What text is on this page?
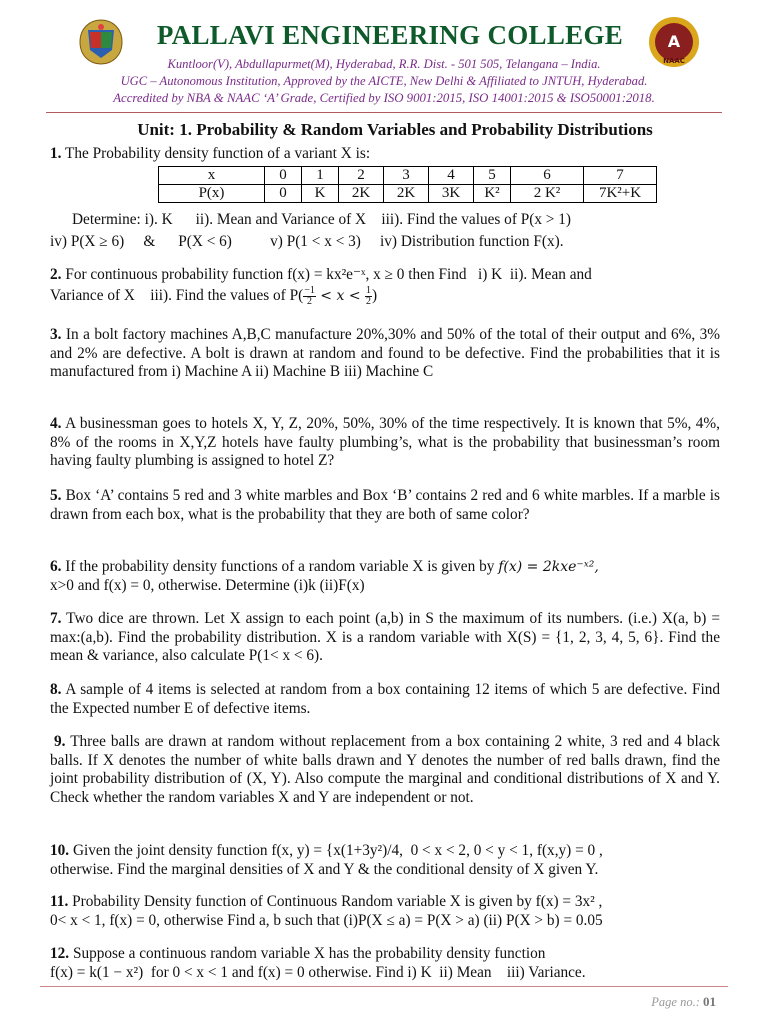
PALLAVI ENGINEERING COLLEGE	A
NAAC
Kuntloor(V), Abdullapurmet(M), Hyderabad, R.R. Dist. - 501 505, Telangana – India.
UGC – Autonomous Institution, Approved by the AICTE, New Delhi & Affiliated to JNTUH, Hyderabad.
Accredited by NBA & NAAC ‘A’ Grade, Certified by ISO 9001:2015, ISO 14001:2015 & ISO50001:2018.
Unit: 1. Probability & Random Variables and Probability Distributions
1. The Probability density function of a variant X is:
x	0	1	2	3	4	5	6	7
P(x)	0	K	2K	2K	3K	K²	2 K²	7K²+K
Determine: i). K      ii). Mean and Variance of X    iii). Find the values of P(x > 1)
iv) P(X ≥ 6)     &      P(X < 6)          v) P(1 < x < 3)     iv) Distribution function F(x).
2. For continuous probability function f(x) = kx²e⁻ˣ, x ≥ 0 then Find   i) K  ii). Mean and
Variance of X    iii). Find the values of $P( \frac{-1}{2} < x < \frac{1}{2}$ )
3. In a bolt factory machines A,B,C manufacture 20%,30% and 50% of the total of their output and 6%, 3% and 2% are defective. A bolt is drawn at random and found to be defective. Find the probabilities that it is manufactured from i) Machine A ii) Machine B iii) Machine C
4. A businessman goes to hotels X, Y, Z, 20%, 50%, 30% of the time respectively. It is known that 5%, 4%, 8% of the rooms in X,Y,Z hotels have faulty plumbing’s, what is the probability that businessman’s room having faulty plumbing is assigned to hotel Z?
5. Box ‘A’ contains 5 red and 3 white marbles and Box ‘B’ contains 2 red and 6 white marbles. If a marble is drawn from each box, what is the probability that they are both of same color?
6. If the probability density functions of a random variable X is given by f(x) = 2kxe⁻ˣ²,
x>0 and f(x) = 0, otherwise. Determine (i)k (ii)F(x)
7. Two dice are thrown. Let X assign to each point (a,b) in S the maximum of its numbers. (i.e.) X(a, b) = max:(a,b). Find the probability distribution. X is a random variable with X(S) = {1, 2, 3, 4, 5, 6}. Find the mean & variance, also calculate P(1< x < 6).
8. A sample of 4 items is selected at random from a box containing 12 items of which 5 are defective. Find the Expected number E of defective items.
9. Three balls are drawn at random without replacement from a box containing 2 white, 3 red and 4 black balls. If X denotes the number of white balls drawn and Y denotes the number of red balls drawn, find the joint probability distribution of (X, Y). Also compute the marginal and conditional distributions of X and Y. Check whether the random variables X and Y are independent or not.
10. Given the joint density function f(x, y) = {x(1+3y²)/4,  0 < x < 2, 0 < y < 1, f(x,y) = 0 ,
otherwise. Find the marginal densities of X and Y & the conditional density of X given Y.
11. Probability Density function of Continuous Random variable X is given by f(x) = 3x² ,
0< x < 1, f(x) = 0, otherwise Find a, b such that (i)P(X ≤ a) = P(X > a) (ii) P(X > b) = 0.05
12. Suppose a continuous random variable X has the probability density function
f(x) = k(1 − x²)  for 0 < x < 1 and f(x) = 0 otherwise. Find i) K  ii) Mean    iii) Variance.
Page no.: 01
